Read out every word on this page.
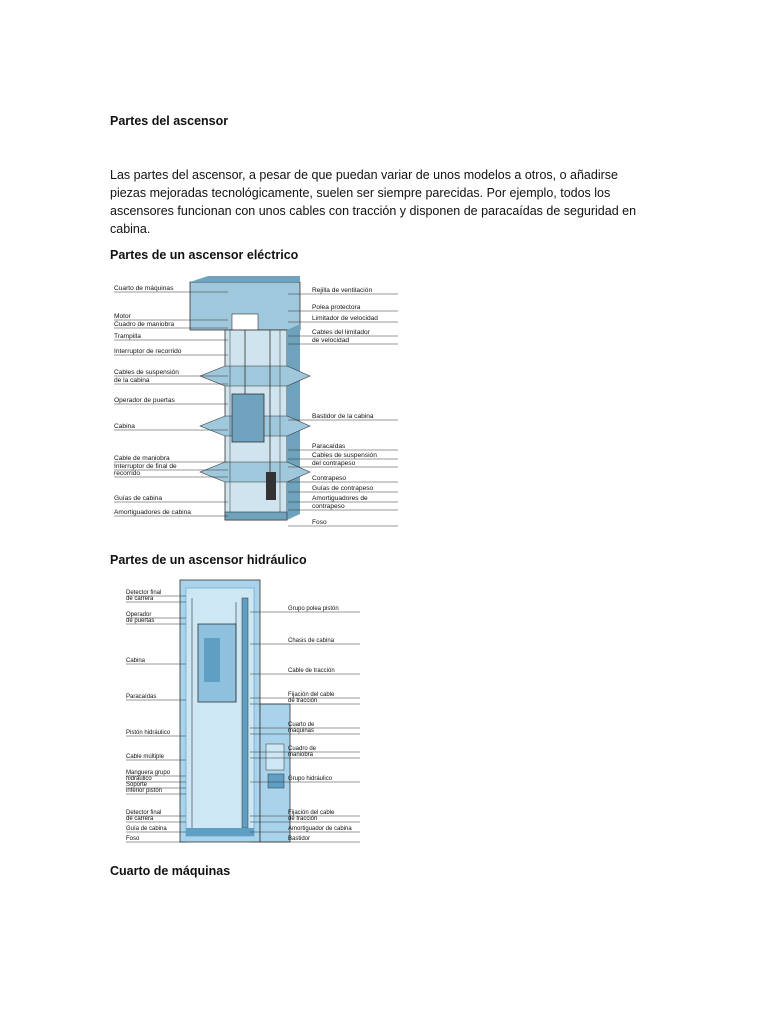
Partes del ascensor

Las partes del ascensor, a pesar de que puedan variar de unos modelos a otros, o añadirse piezas mejoradas tecnológicamente, suelen ser siempre parecidas. Por ejemplo, todos los ascensores funcionan con unos cables con tracción y disponen de paracaídas de seguridad en cabina.

Partes de un ascensor eléctrico
Cuarto de máquinas
Motor
Cuadro de maniobra
Trampilla
Interruptor de recorrido
Cables de suspensión
de la cabina
Operador de puertas
Cabina
Cable de maniobra
Interruptor de final de
recorrido
Guías de cabina
Amortiguadores de cabina
Rejilla de ventilación
Polea protectora
Limitador de velocidad
Cables del limitador
de velocidad
Bastidor de la cabina
Paracaídas
Cables de suspensión
del contrapeso
Contrapeso
Guías de contrapeso
Amortiguadores de
contrapeso
Foso
Partes de un ascensor hidráulico
Detector final
de carrera
Operador
de puertas
Cabina
Paracaídas
Pistón hidráulico
Cable múltiple
Manguera grupo
hidráulico
Soporte
inferior pistón
Detector final
de carrera
Guía de cabina
Foso
Grupo polea pistón
Chasis de cabina
Cable de tracción
Fijación del cable
de tracción
Cuarto de
máquinas
Cuadro de
maniobra
Grupo hidráulico
Fijación del cable
de tracción
Amortiguador de cabina
Bastidor
Cuarto de máquinas
